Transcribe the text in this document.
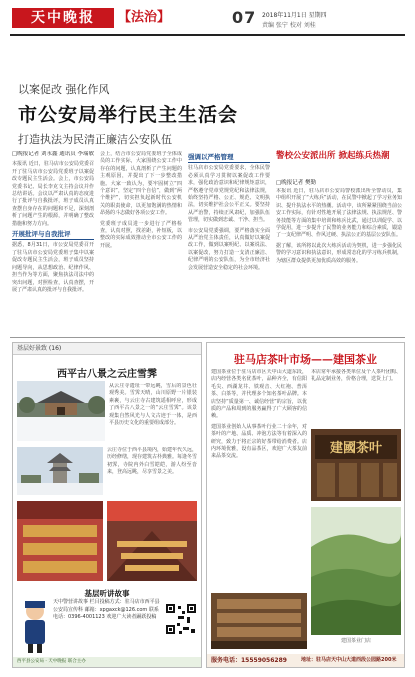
天中晚报	【法治】	07 2018年11月1日 星期四
责编 张宁 校对 刘桂
以案促改 强化作风
市公安局举行民主生活会
打造执法为民清正廉洁公安队伍
□晚报记者 刘永鑫 通讯员 李瑞敏

本报讯 近日，驻马店市公安局党委召开了驻马店市公安局党委班子以案促改专题民主生活会。会上，市公安局党委书记、局长李克文主持会议并作总结讲话。会议以严肃认真的态度进行了批评与自我批评，班子成员认真查摆自身存在的问题和不足，深刻剖析了问题产生的根源，并明确了整改措施和努力方向。

开展批评与自我批评

据悉，8月31日，市公安局党委召开了驻马店市公安局党委班子集中以案促改专题民主生活会，班子成员坚持问题导向，从思想政治、纪律作风、担当作为等方面，聚焦执法司法中的突出问题，对照检查，认真查摆，开展了严肃认真的批评与自我批评。

会上，结合市公安局党委班子全体成员的工作实际，大家围绕公安工作中存在的问题，认真剖析了产生问题的主观原因，并提出了下一步整改措施。大家一致认为，要牢固树立“四个意识”，坚定“四个自信”，做到“两个维护”，切实担负起新时代公安机关的职责使命，以更加饱满的热情和昂扬的斗志做好各项公安工作。

党委班子成员进一步进行了严格检查，认真对照，找差距，补短板，以整改的实际成效推动全市公安工作的开展。

强调以严格管理

驻马店市公安局党委要求，全体民警必须认真学习贯彻以案促改工作要求，强化政治意识和纪律规矩意识，严格遵守党章党规党纪和法律法规，始终坚持严格、公正、规范、文明执法，切实维护社会公平正义。要坚持从严治警，持续正风肃纪，加强队伍管理，切实做到忠诚、干净、担当。

市公安局党委强调，要严格落实全面从严治党主体责任，认真做好以案促改工作，做到以案明纪、以案说法、以案促改，努力打造一支清正廉洁、纪律严明的公安队伍，为全市经济社会发展营造安全稳定的社会环境。

警校公安派出所 掀起练兵热潮
□晚报记者 樊勤

本报讯 近日，驻马店市公安局警校派出所全警动员，集中组织开展了“大练兵”活动，在民警中掀起了学习业务知识、提升执法水平的热潮。活动中，该所紧紧围绕当前公安工作实际，有针对性地开展了法律法规、执法规范、警务技能等方面的集中培训和练兵比武，通过以训促学、以学促用，进一步提升了民警的业务能力和综合素质，锻造了一支纪律严明、作风过硬、执法公正的基层公安队伍。

据了解，该所将以此次大练兵活动为契机，进一步强化民警的学习意识和执法意识，形成常态化的学习练兵机制，为辖区群众提供更加优质高效的服务。

基层好景致 (16)
西平古八景之云庄雪霁
从云庄寺遗址一带远眺，雪后的景色壮观秀美。雪霁天晴，山川原野一片银装素裹，与云庄寺古建筑遥相呼应，形成了西平古八景之一的“云庄雪霁”。该景观集自然风光与人文古迹于一体，是西平县历史文化的重要组成部分。
云庄寺位于西平县境内，始建年代久远，历经修缮，现存建筑古朴典雅。每逢冬雪初霁，寺院内外白雪皑皑，游人纷至沓来，登高远眺，尽享雪景之美。
基层听讲故事
天中警营讲故事 栏目投稿方式：驻马店市西平县公安局宣传科 邮箱：xpgaxck@126.com 联系电话：0396-4001123 欢迎广大读者踊跃投稿
西平县公安局 · 天中晚报 联合主办
驻马店茶叶市场——建国茶业

建国茶业位于驻马店市区天中山大道东段，店内经营各类名优茶叶，品种齐全，有信阳毛尖、西湖龙井、铁观音、大红袍、普洱茶、白茶等，并代理多个知名茶叶品牌。本店坚持“质量第一、诚信经营”的宗旨，以优质的产品和周到的服务赢得了广大顾客的信赖。

建国茶业创始人从事茶叶行业二十余年，对茶叶的产地、品质、冲泡方法等有着深入的研究，致力于将正宗的好茶带给消费者。店内环境优雅，设有品茶区，欢迎广大茶友前来品茶交流。

本店常年承接各类单位及个人茶叶团购、礼品定制业务，价格合理，送货上门。
建國茶叶
建国茶业门店
服务电话：15559056289	地址：驻马店天中山大道西段公园路200米
